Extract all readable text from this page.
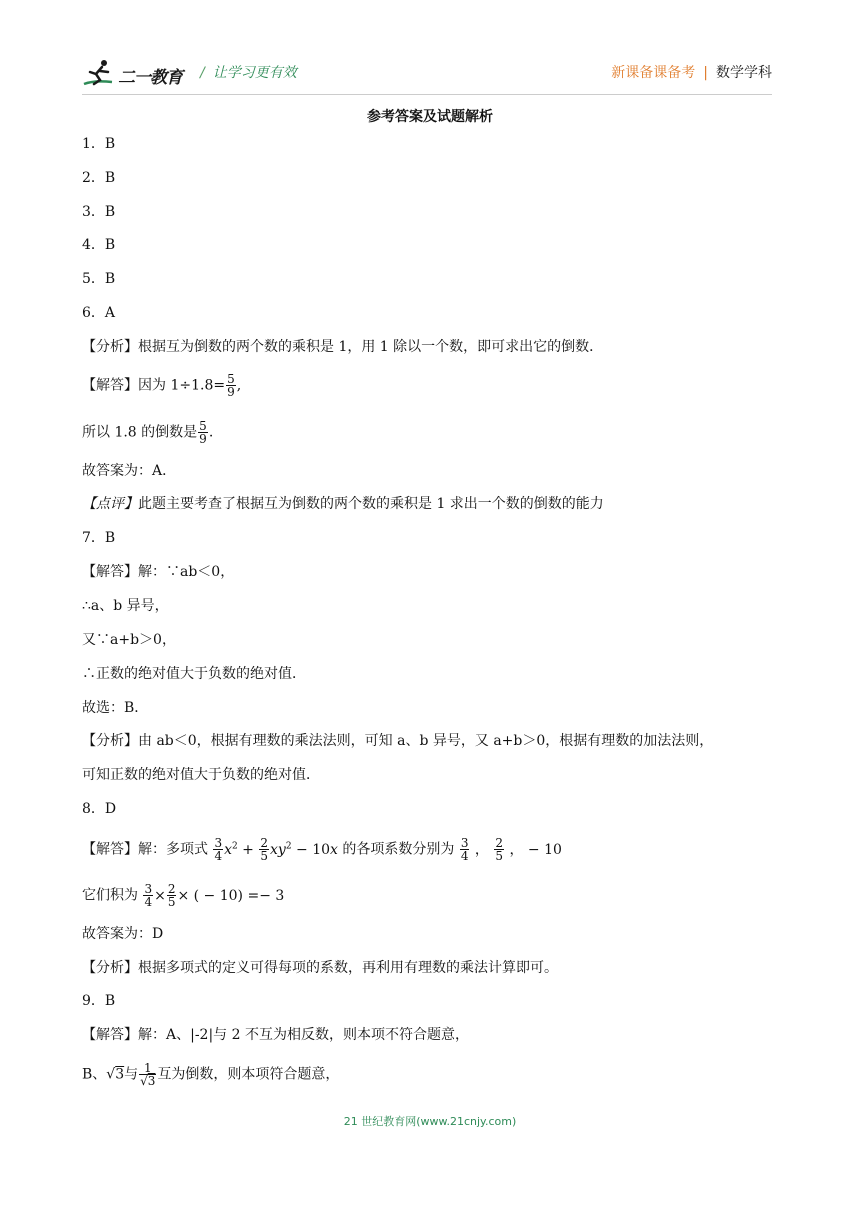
二一教育 / 让学习更有效	新课备课备考 | 数学学科
参考答案及试题解析
1．B
2．B
3．B
4．B
5．B
6．A
【分析】根据互为倒数的两个数的乘积是 1，用 1 除以一个数，即可求出它的倒数．
【解答】因为 $1\div 1.8= \frac{5}{9}$ ,
所以 1.8 的倒数是 $\frac{5}{9}$ .
故答案为：A．
【点评】此题主要考查了根据互为倒数的两个数的乘积是 1 求出一个数的倒数的能力
7．B
【解答】解：∵ab＜0，
∴a、b 异号，
又∵a+b＞0，
∴正数的绝对值大于负数的绝对值．
故选：B．
【分析】由 ab＜0，根据有理数的乘法法则，可知 a、b 异号，又 a+b＞0，根据有理数的加法法则，
可知正数的绝对值大于负数的绝对值．
8．D
【解答】解：多项式 $\frac{3}{4} x^2 + \frac{2}{5} xy^2 - 10x$ 的各项系数分别为 $\frac{3}{4}$ ， $\frac{2}{5}$ ， − 10
它们积为 $\frac{3}{4} \times \frac{2}{5}$ × ( − 10) =− 3
故答案为：D
【分析】根据多项式的定义可得每项的系数，再利用有理数的乘法计算即可。
9．B
【解答】解：A、|-2|与 2 不互为相反数，则本项不符合题意，
B、√3与 $\frac{1}{√3}$ 互为倒数，则本项符合题意，
21 世纪教育网(www.21cnjy.com)
